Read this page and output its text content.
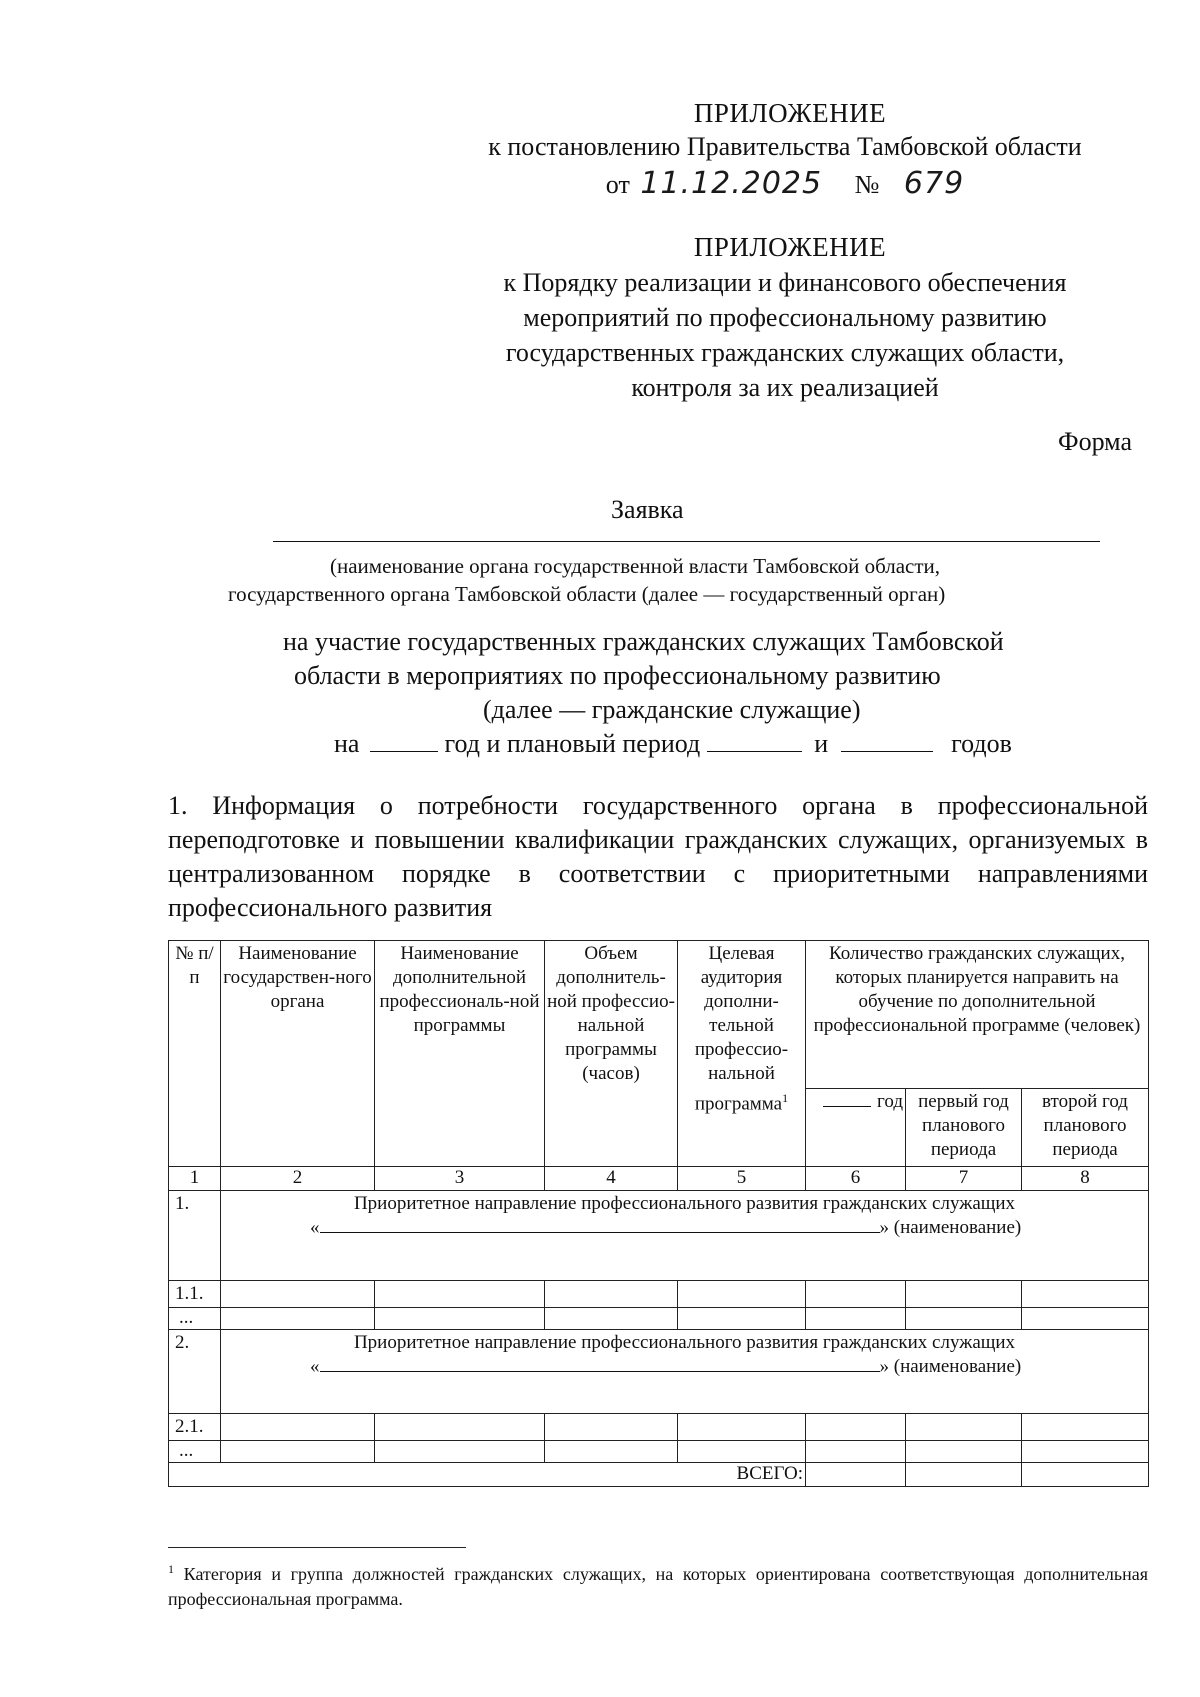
ПРИЛОЖЕНИЕ
к постановлению Правительства Тамбовской области
от 11.12.2025 № 679
ПРИЛОЖЕНИЕ
к Порядку реализации и финансового обеспечения
мероприятий по профессиональному развитию
государственных гражданских служащих области,
контроля за их реализацией
Форма
Заявка
(наименование органа государственной власти Тамбовской области,
государственного органа Тамбовской области (далее — государственный орган)
на участие государственных гражданских служащих Тамбовской
области в мероприятиях по профессиональному развитию
(далее — гражданские служащие)
на	год и плановый период	и	годов
1. Информация о потребности государственного органа в профессиональной переподготовке и повышении квалификации гражданских служащих, организуемых в централизованном порядке в соответствии с приоритетными направлениями профессионального развития
№ п/п	Наименование государствен-ного органа	Наименование дополнительной профессиональ-ной программы	Объем дополнитель-ной профессио-нальной программы (часов)	Целевая аудитория дополни-тельной профессио-нальной программа$^1$	Количество гражданских служащих, которых планируется направить на обучение по дополнительной профессиональной программе (человек)		
					год	первый год планового периода	второй год планового периода
1	2	3	4	5	6	7	8
1.	Приоритетное направление профессионального развития гражданских служащих
« » (наименование)						

1.1.							
...							
2.	Приоритетное направление профессионального развития гражданских служащих
« » (наименование)						

2.1.							
...							
ВСЕГО:							
$^1$ Категория и группа должностей гражданских служащих, на которых ориентирована соответствующая дополнительная профессиональная программа.
